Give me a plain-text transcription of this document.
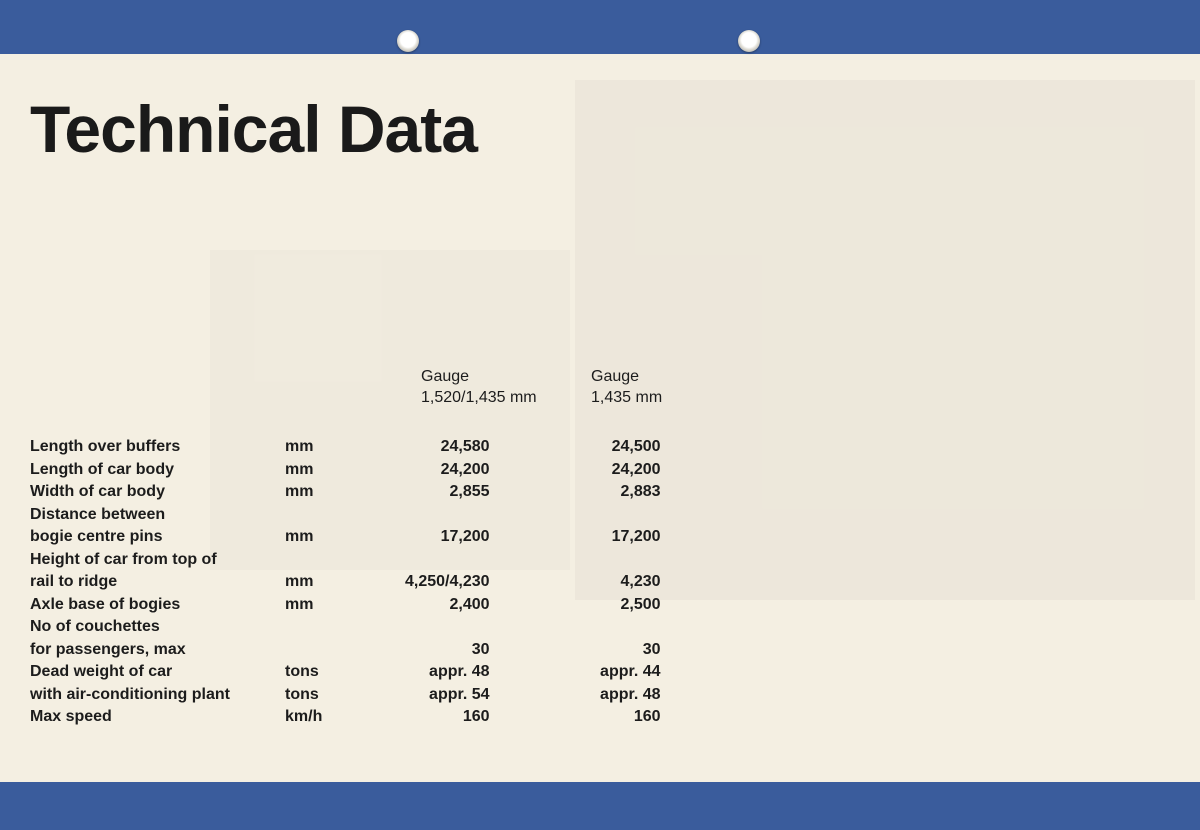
Technical Data
Gauge
1,520/1,435 mm
Gauge
1,435 mm
Length over buffers	mm	24,580	24,500
Length of car body	mm	24,200	24,200
Width of car body	mm	2,855	2,883
Distance between			
bogie centre pins	mm	17,200	17,200
Height of car from top of			
rail to ridge	mm	4,250/4,230	4,230
Axle base of bogies	mm	2,400	2,500
No of couchettes			
for passengers, max		30	30
Dead weight of car	tons	appr. 48	appr. 44
with air-conditioning plant	tons	appr. 54	appr. 48
Max speed	km/h	160	160
